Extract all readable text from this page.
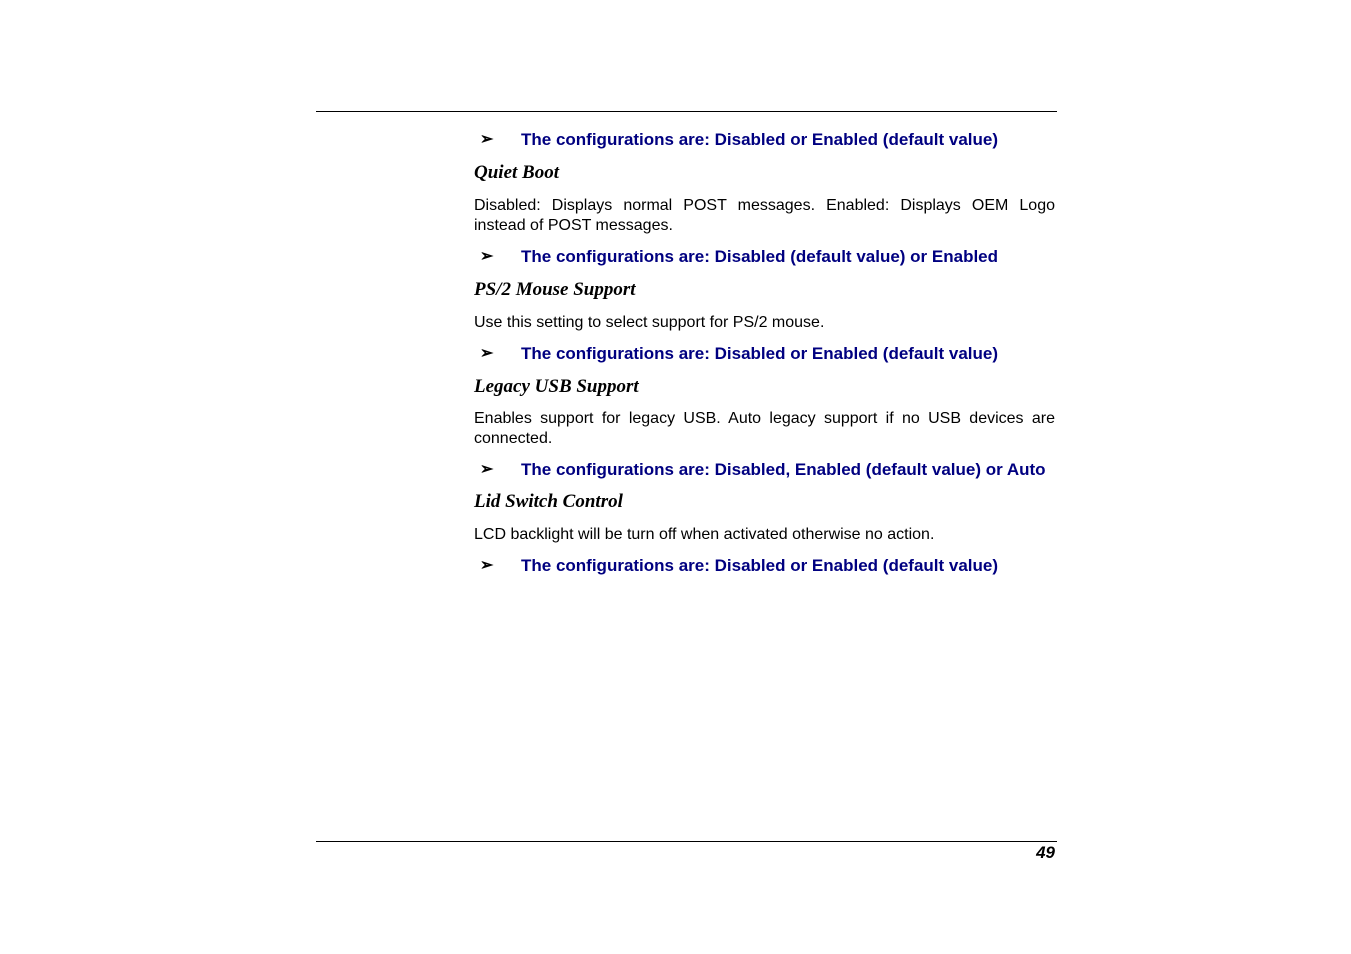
➢ The configurations are: Disabled or Enabled (default value)
Quiet Boot
Disabled: Displays normal POST messages. Enabled: Displays OEM Logo instead of POST messages.
➢ The configurations are: Disabled (default value) or Enabled
PS/2 Mouse Support
Use this setting to select support for PS/2 mouse.
➢ The configurations are: Disabled or Enabled (default value)
Legacy USB Support
Enables support for legacy USB. Auto legacy support if no USB devices are connected.
➢ The configurations are: Disabled, Enabled (default value) or Auto
Lid Switch Control
LCD backlight will be turn off when activated otherwise no action.
➢ The configurations are: Disabled or Enabled (default value)
49
